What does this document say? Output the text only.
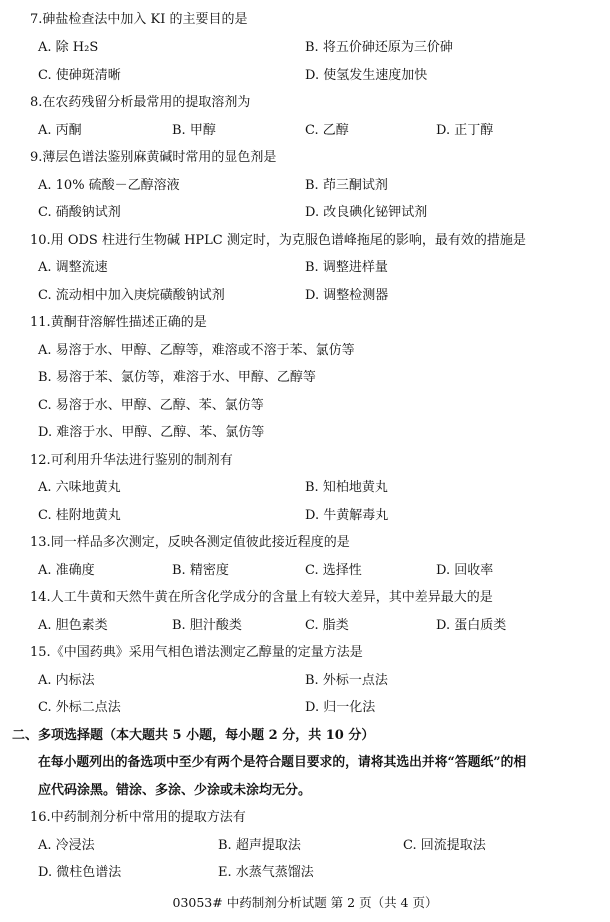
7.砷盐检查法中加入 KI 的主要目的是
A. 除 H₂S	B. 将五价砷还原为三价砷
C. 使砷斑清晰	D. 使氢发生速度加快
8.在农药残留分析最常用的提取溶剂为
A. 丙酮	B. 甲醇	C. 乙醇	D. 正丁醇
9.薄层色谱法鉴别麻黄碱时常用的显色剂是
A. 10% 硫酸－乙醇溶液	B. 茚三酮试剂
C. 硝酸钠试剂	D. 改良碘化铋钾试剂
10.用 ODS 柱进行生物碱 HPLC 测定时，为克服色谱峰拖尾的影响，最有效的措施是
A. 调整流速	B. 调整进样量
C. 流动相中加入庚烷磺酸钠试剂	D. 调整检测器
11.黄酮苷溶解性描述正确的是
A. 易溶于水、甲醇、乙醇等，难溶或不溶于苯、氯仿等
B. 易溶于苯、氯仿等，难溶于水、甲醇、乙醇等
C. 易溶于水、甲醇、乙醇、苯、氯仿等
D. 难溶于水、甲醇、乙醇、苯、氯仿等
12.可利用升华法进行鉴别的制剂有
A. 六味地黄丸	B. 知柏地黄丸
C. 桂附地黄丸	D. 牛黄解毒丸
13.同一样品多次测定，反映各测定值彼此接近程度的是
A. 准确度	B. 精密度	C. 选择性	D. 回收率
14.人工牛黄和天然牛黄在所含化学成分的含量上有较大差异，其中差异最大的是
A. 胆色素类	B. 胆汁酸类	C. 脂类	D. 蛋白质类
15.《中国药典》采用气相色谱法测定乙醇量的定量方法是
A. 内标法	B. 外标一点法
C. 外标二点法	D. 归一化法
二、多项选择题（本大题共 5 小题，每小题 2 分，共 10 分）
在每小题列出的备选项中至少有两个是符合题目要求的，请将其选出并将“答题纸”的相
应代码涂黑。错涂、多涂、少涂或未涂均无分。
16.中药制剂分析中常用的提取方法有
A. 冷浸法	B. 超声提取法	C. 回流提取法
D. 微柱色谱法	E. 水蒸气蒸馏法
03053# 中药制剂分析试题 第 2 页（共 4 页）
